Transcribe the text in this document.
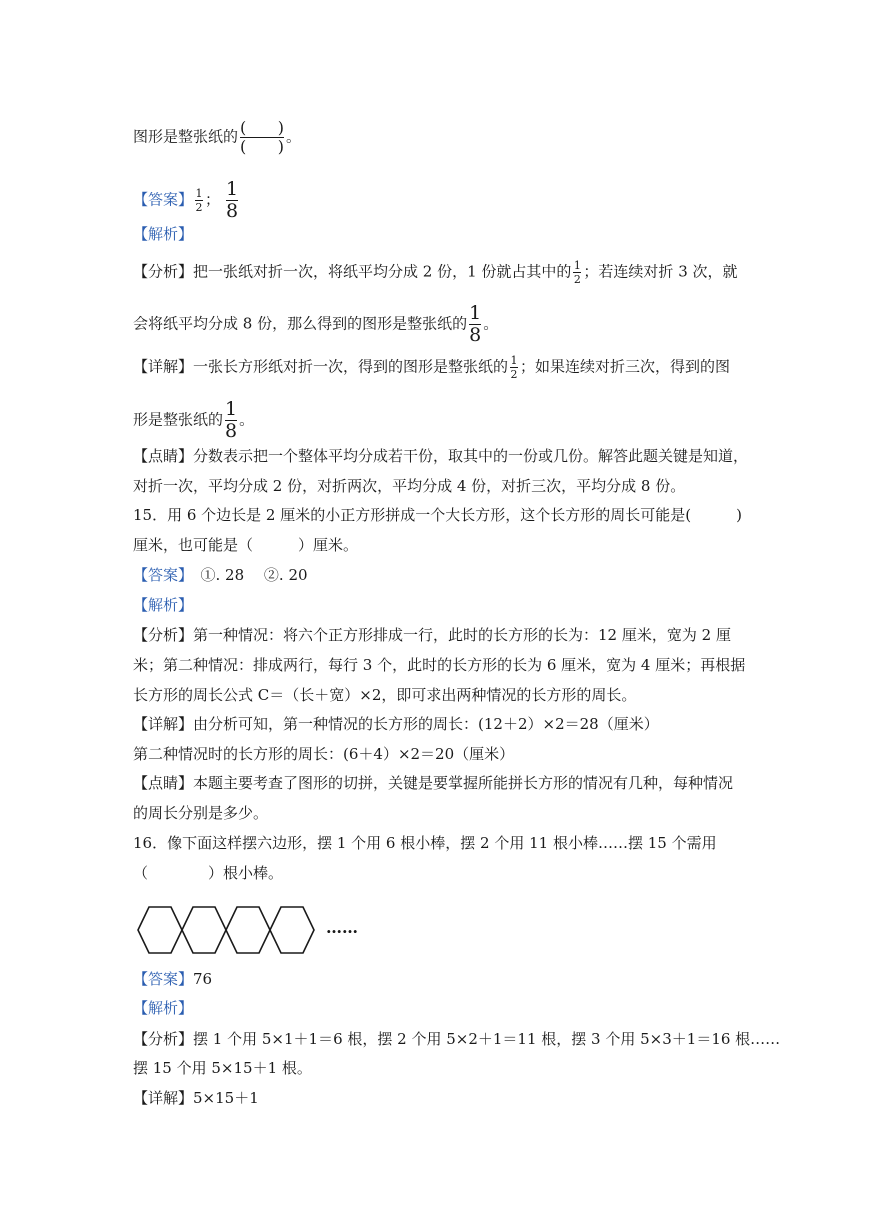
图形是整张纸的 $\frac{( )}{( )}$ 。
【答案】 $\frac{1}{2}$ ； $\frac{1}{8}$
【解析】
【分析】把一张纸对折一次，将纸平均分成 2 份，1 份就占其中的 $\frac{1}{2}$ ；若连续对折 3 次，就
会将纸平均分成 8 份，那么得到的图形是整张纸的 $\frac{1}{8}$ 。
【详解】一张长方形纸对折一次，得到的图形是整张纸的 $\frac{1}{2}$ ；如果连续对折三次，得到的图
形是整张纸的 $\frac{1}{8}$ 。
【点睛】分数表示把一个整体平均分成若干份，取其中的一份或几份。解答此题关键是知道，
对折一次，平均分成 2 份，对折两次，平均分成 4 份，对折三次，平均分成 8 份。
15．用 6 个边长是 2 厘米的小正方形拼成一个大长方形，这个长方形的周长可能是(　　　)
厘米，也可能是（　　　）厘米。
【答案】　①. 28　 ②. 20
【解析】
【分析】第一种情况：将六个正方形排成一行，此时的长方形的长为：12 厘米，宽为 2 厘
米；第二种情况：排成两行，每行 3 个，此时的长方形的长为 6 厘米，宽为 4 厘米；再根据
长方形的周长公式 C＝（长＋宽）×2，即可求出两种情况的长方形的周长。
【详解】由分析可知，第一种情况的长方形的周长：(12＋2）×2＝28（厘米）
第二种情况时的长方形的周长：(6＋4）×2＝20（厘米）
【点睛】本题主要考查了图形的切拼，关键是要掌握所能拼长方形的情况有几种，每种情况
的周长分别是多少。
16．像下面这样摆六边形，摆 1 个用 6 根小棒，摆 2 个用 11 根小棒……摆 15 个需用
（　　　　）根小棒。
……
【答案】76
【解析】
【分析】摆 1 个用 5×1＋1＝6 根，摆 2 个用 5×2＋1＝11 根，摆 3 个用 5×3＋1＝16 根……
摆 15 个用 5×15＋1 根。
【详解】5×15＋1
